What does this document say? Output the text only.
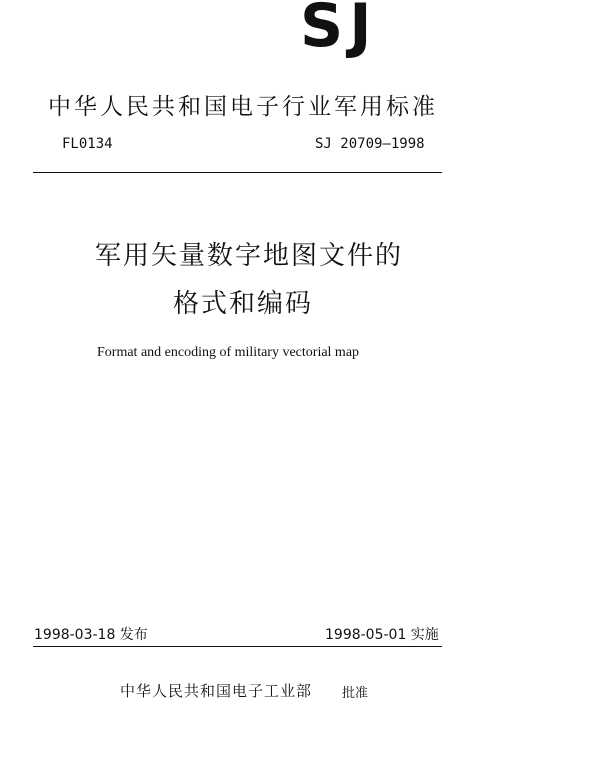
SJ
中华人民共和国电子行业军用标准
FL0134	SJ 20709—1998
军用矢量数字地图文件的
格式和编码
Format and encoding of military vectorial map
1998-03-18 发布	1998-05-01 实施
中华人民共和国电子工业部 批准
